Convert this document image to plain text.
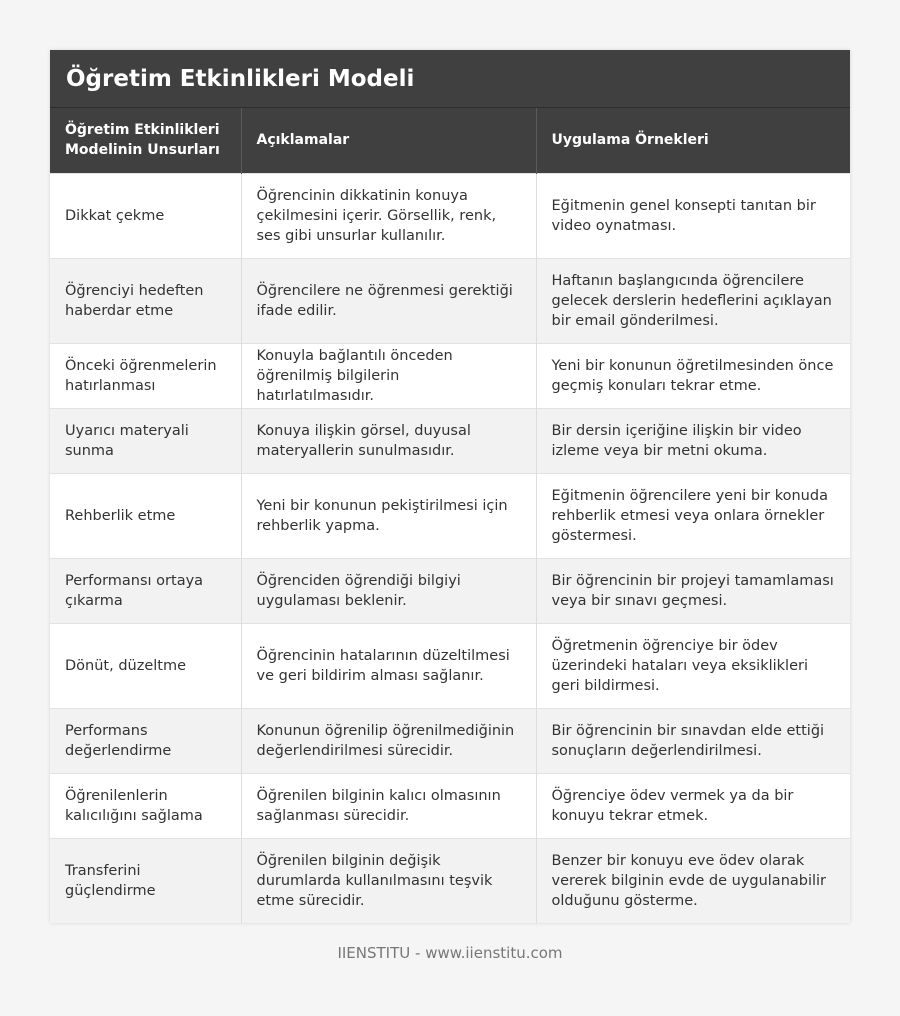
Öğretim Etkinlikleri Modeli
Öğretim Etkinlikleri Modelinin Unsurları	Açıklamalar	Uygulama Örnekleri
Dikkat çekme	Öğrencinin dikkatinin konuya çekilmesini içerir. Görsellik, renk, ses gibi unsurlar kullanılır.	Eğitmenin genel konsepti tanıtan bir video oynatması.
Öğrenciyi hedeften haberdar etme	Öğrencilere ne öğrenmesi gerektiği ifade edilir.	Haftanın başlangıcında öğrencilere gelecek derslerin hedeflerini açıklayan bir email gönderilmesi.
Önceki öğrenmelerin hatırlanması	Konuyla bağlantılı önceden öğrenilmiş bilgilerin hatırlatılmasıdır.	Yeni bir konunun öğretilmesinden önce geçmiş konuları tekrar etme.
Uyarıcı materyali sunma	Konuya ilişkin görsel, duyusal materyallerin sunulmasıdır.	Bir dersin içeriğine ilişkin bir video izleme veya bir metni okuma.
Rehberlik etme	Yeni bir konunun pekiştirilmesi için rehberlik yapma.	Eğitmenin öğrencilere yeni bir konuda rehberlik etmesi veya onlara örnekler göstermesi.
Performansı ortaya çıkarma	Öğrenciden öğrendiği bilgiyi uygulaması beklenir.	Bir öğrencinin bir projeyi tamamlaması veya bir sınavı geçmesi.
Dönüt, düzeltme	Öğrencinin hatalarının düzeltilmesi ve geri bildirim alması sağlanır.	Öğretmenin öğrenciye bir ödev üzerindeki hataları veya eksiklikleri geri bildirmesi.
Performans değerlendirme	Konunun öğrenilip öğrenilmediğinin değerlendirilmesi sürecidir.	Bir öğrencinin bir sınavdan elde ettiği sonuçların değerlendirilmesi.
Öğrenilenlerin kalıcılığını sağlama	Öğrenilen bilginin kalıcı olmasının sağlanması sürecidir.	Öğrenciye ödev vermek ya da bir konuyu tekrar etmek.
Transferini güçlendirme	Öğrenilen bilginin değişik durumlarda kullanılmasını teşvik etme sürecidir.	Benzer bir konuyu eve ödev olarak vererek bilginin evde de uygulanabilir olduğunu gösterme.
IIENSTITU - www.iienstitu.com
